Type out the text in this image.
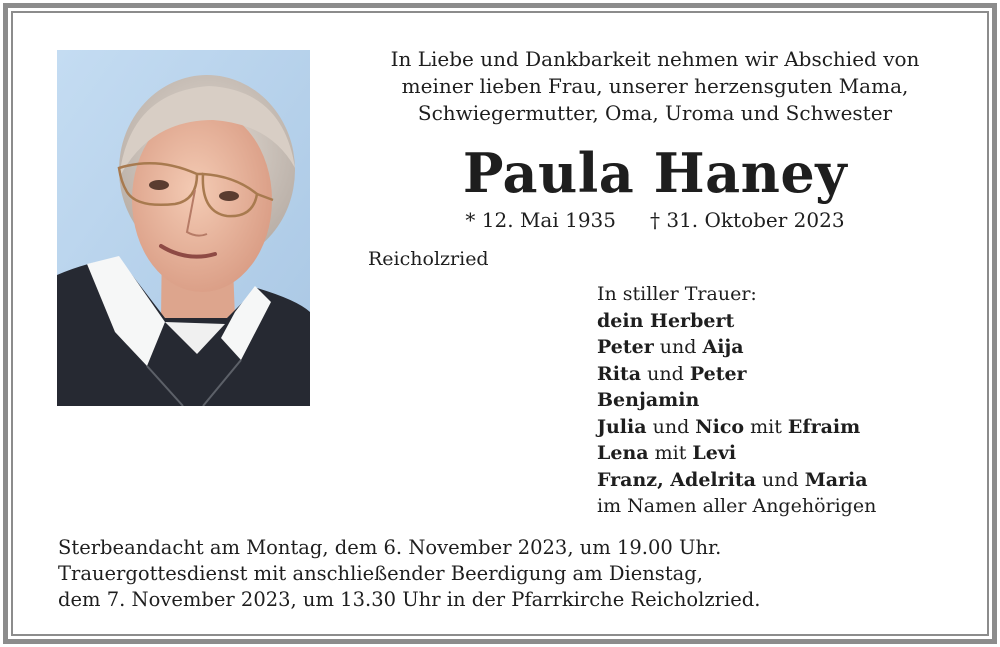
In Liebe und Dankbarkeit nehmen wir Abschied von
meiner lieben Frau, unserer herzensguten Mama,
Schwiegermutter, Oma, Uroma und Schwester
Paula Haney
* 12. Mai 1935 † 31. Oktober 2023
Reicholzried
In stiller Trauer:
dein Herbert
Peter und Aija
Rita und Peter
Benjamin
Julia und Nico mit Efraim
Lena mit Levi
Franz, Adelrita und Maria
im Namen aller Angehörigen
Sterbeandacht am Montag, dem 6. November 2023, um 19.00 Uhr.
Trauergottesdienst mit anschließender Beerdigung am Dienstag,
dem 7. November 2023, um 13.30 Uhr in der Pfarrkirche Reicholzried.
